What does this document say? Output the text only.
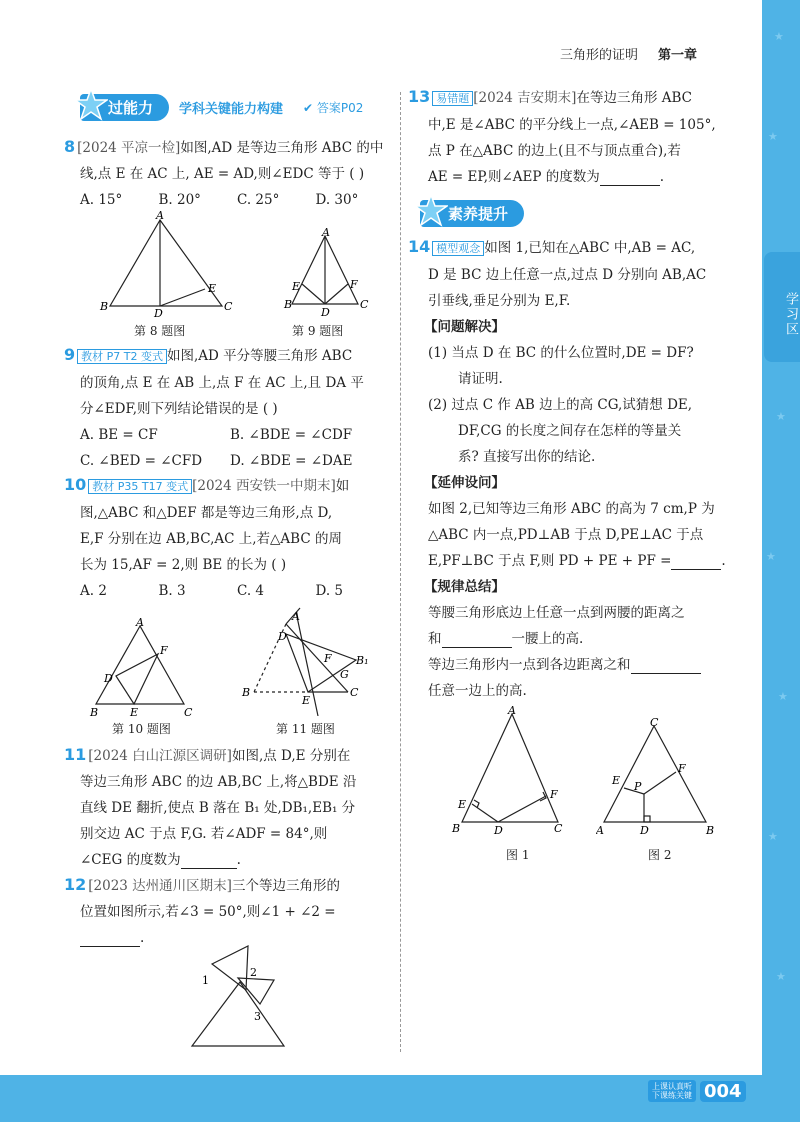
★
★
★
★
★
★
★
三角形的证明 第一章
过能力	学科关键能力构建 ✔ 答案P02
8 [2024 平凉一检]如图,AD 是等边三角形 ABC 的中
线,点 E 在 AC 上, AE = AD,则∠EDC 等于 ( )
A. 15°	B. 20°	C. 25°	D. 30°
A
B
D
E
C
第 8 题图
A
E	F
B
D
C
第 9 题图
9 教材 P7 T2 变式 如图,AD 平分等腰三角形 ABC
的顶角,点 E 在 AB 上,点 F 在 AC 上,且 DA 平
分∠EDF,则下列结论错误的是 ( )
A. BE = CF	B. ∠BDE = ∠CDF
C. ∠BED = ∠CFD	D. ∠BDE = ∠DAE
10 教材 P35 T17 变式 [2024 西安铁一中期末]如
图,△ABC 和△DEF 都是等边三角形,点 D,
E,F 分别在边 AB,BC,AC 上,若△ABC 的周
长为 15,AF = 2,则 BE 的长为 ( )
A. 2	B. 3	C. 4	D. 5
A
F
D
B	E	C
第 10 题图
A
D
F B₁
G
B
E
C
第 11 题图
11 [2024 白山江源区调研]如图,点 D,E 分别在
等边三角形 ABC 的边 AB,BC 上,将△BDE 沿
直线 DE 翻折,使点 B 落在 B₁ 处,DB₁,EB₁ 分
别交边 AC 于点 F,G. 若∠ADF = 84°,则
∠CEG 的度数为	.
12 [2023 达州通川区期末]三个等边三角形的
位置如图所示,若∠3 = 50°,则∠1 + ∠2 =
.
1
2
3
13 易错题 [2024 吉安期末]在等边三角形 ABC
中,E 是∠ABC 的平分线上一点,∠AEB = 105°,
点 P 在△ABC 的边上(且不与顶点重合),若
AE = EP,则∠AEP 的度数为	.
素养提升
14 模型观念 如图 1,已知在△ABC 中,AB = AC,
D 是 BC 边上任意一点,过点 D 分别向 AB,AC
引垂线,垂足分别为 E,F.
【问题解决】
(1) 当点 D 在 BC 的什么位置时,DE = DF?
请证明.
(2) 过点 C 作 AB 边上的高 CG,试猜想 DE,
DF,CG 的长度之间存在怎样的等量关
系? 直接写出你的结论.
【延伸设问】
如图 2,已知等边三角形 ABC 的高为 7 cm,P 为
△ABC 内一点,PD⊥AB 于点 D,PE⊥AC 于点
E,PF⊥BC 于点 F,则 PD + PE + PF =	.
【规律总结】
等腰三角形底边上任意一点到两腰的距离之
和	一腰上的高.
等边三角形内一点到各边距离之和
任意一边上的高.
A
E
F
B	D	C
图 1
C
E P
F
A	D	B
图 2
学习区
上课认真听
下课练关键 004
